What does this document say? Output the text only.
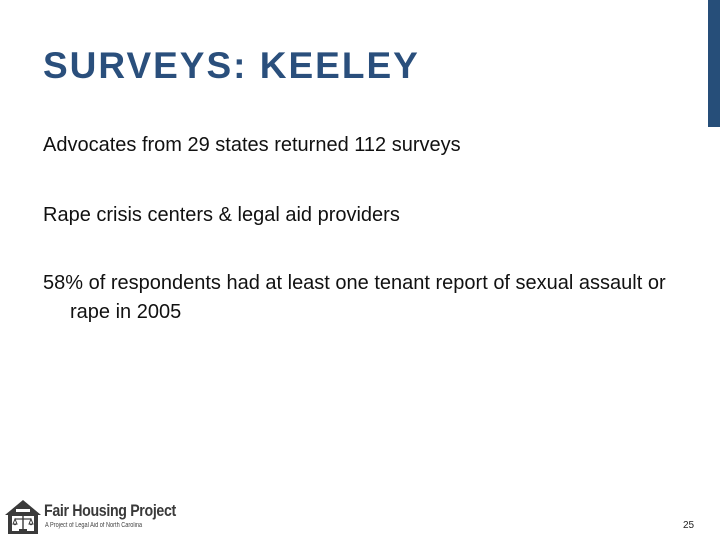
SURVEYS: KEELEY

Advocates from 29 states returned 112 surveys

Rape crisis centers & legal aid providers

58% of respondents had at least one tenant report of sexual assault or rape in 2005

Fair Housing Project
A Project of Legal Aid of North Carolina	25
